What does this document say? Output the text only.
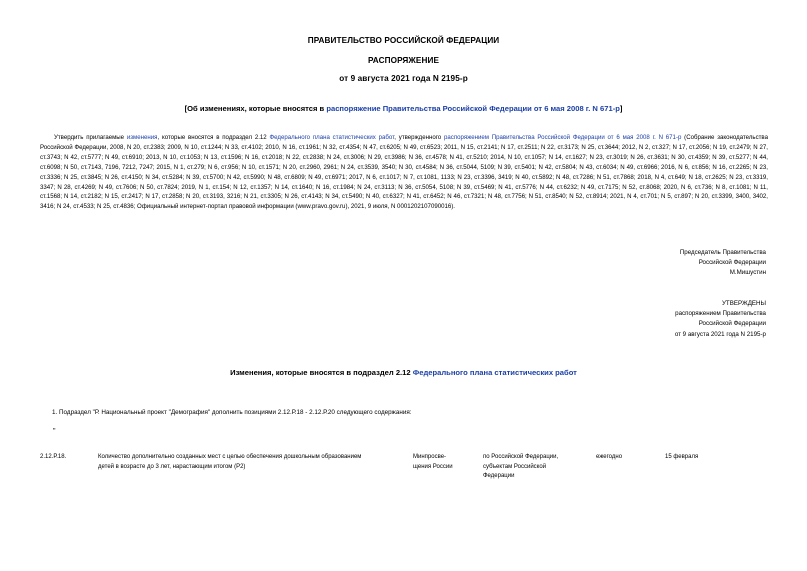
ПРАВИТЕЛЬСТВО РОССИЙСКОЙ ФЕДЕРАЦИИ
РАСПОРЯЖЕНИЕ
от 9 августа 2021 года N 2195-р
[Об изменениях, которые вносятся в распоряжение Правительства Российской Федерации от 6 мая 2008 г. N 671-р]
Утвердить прилагаемые изменения, которые вносятся в подраздел 2.12 Федерального плана статистических работ, утвержденного распоряжением Правительства Российской Федерации от 6 мая 2008 г. N 671-р (Собрание законодательства Российской Федерации, 2008, N 20, ст.2383; 2009, N 10, ст.1244; N 33, ст.4102; 2010, N 16, ст.1961; N 32, ст.4354; N 47, ст.6205; N 49, ст.6523; 2011, N 15, ст.2141; N 17, ст.2511; N 22, ст.3173; N 25, ст.3644; 2012, N 2, ст.327; N 17, ст.2056; N 19, ст.2479; N 27, ст.3743; N 42, ст.5777; N 49, ст.6910; 2013, N 10, ст.1053; N 13, ст.1596; N 16, ст.2018; N 22, ст.2838; N 24, ст.3006; N 29, ст.3986; N 36, ст.4578; N 41, ст.5210; 2014, N 10, ст.1057; N 14, ст.1627; N 23, ст.3019; N 26, ст.3631; N 30, ст.4359; N 39, ст.5277; N 44, ст.6098; N 50, ст.7143, 7196, 7212, 7247; 2015, N 1, ст.279; N 6, ст.956; N 10, ст.1571; N 20, ст.2960, 2961; N 24, ст.3539, 3540; N 30, ст.4584; N 36, ст.5044, 5109; N 39, ст.5401; N 42, ст.5804; N 43, ст.6034; N 49, ст.6966; 2016, N 6, ст.856; N 16, ст.2265; N 23, ст.3336; N 25, ст.3845; N 26, ст.4150; N 34, ст.5284; N 39, ст.5700; N 42, ст.5990; N 48, ст.6809; N 49, ст.6971; 2017, N 6, ст.1017; N 7, ст.1081, 1133; N 23, ст.3396, 3419; N 40, ст.5892; N 48, ст.7286; N 51, ст.7868; 2018, N 4, ст.649; N 18, ст.2625; N 23, ст.3319, 3347; N 28, ст.4269; N 49, ст.7606; N 50, ст.7824; 2019, N 1, ст.154; N 12, ст.1357; N 14, ст.1640; N 16, ст.1984; N 24, ст.3113; N 36, ст.5054, 5108; N 39, ст.5469; N 41, ст.5776; N 44, ст.6232; N 49, ст.7175; N 52, ст.8068; 2020, N 6, ст.736; N 8, ст.1081; N 11, ст.1568; N 14, ст.2182; N 15, ст.2417; N 17, ст.2858; N 20, ст.3193, 3216; N 21, ст.3305; N 26, ст.4143; N 34, ст.5490; N 40, ст.6327; N 41, ст.6452; N 46, ст.7321; N 48, ст.7756; N 51, ст.8540; N 52, ст.8914; 2021, N 4, ст.701; N 5, ст.897; N 20, ст.3399, 3400, 3402, 3416; N 24, ст.4533; N 25, ст.4836; Официальный интернет-портал правовой информации (www.pravo.gov.ru), 2021, 9 июля, N 0001202107090016).
Председатель Правительства
Российской Федерации
М.Мишустин
УТВЕРЖДЕНЫ
распоряжением Правительства
Российской Федерации
от 9 августа 2021 года N 2195-р
Изменения, которые вносятся в подраздел 2.12 Федерального плана статистических работ
1. Подраздел "Р. Национальный проект "Демография" дополнить позициями 2.12.Р.18 - 2.12.Р.20 следующего содержания:
"
2.12.Р.18.	Количество дополнительно созданных мест с целью обеспечения дошкольным образованием
детей в возрасте до 3 лет, нарастающим итогом (Р2)
Минпросве-
щения России
по Российской Федерации,
субъектам Российской
Федерации
ежегодно	15 февраля
